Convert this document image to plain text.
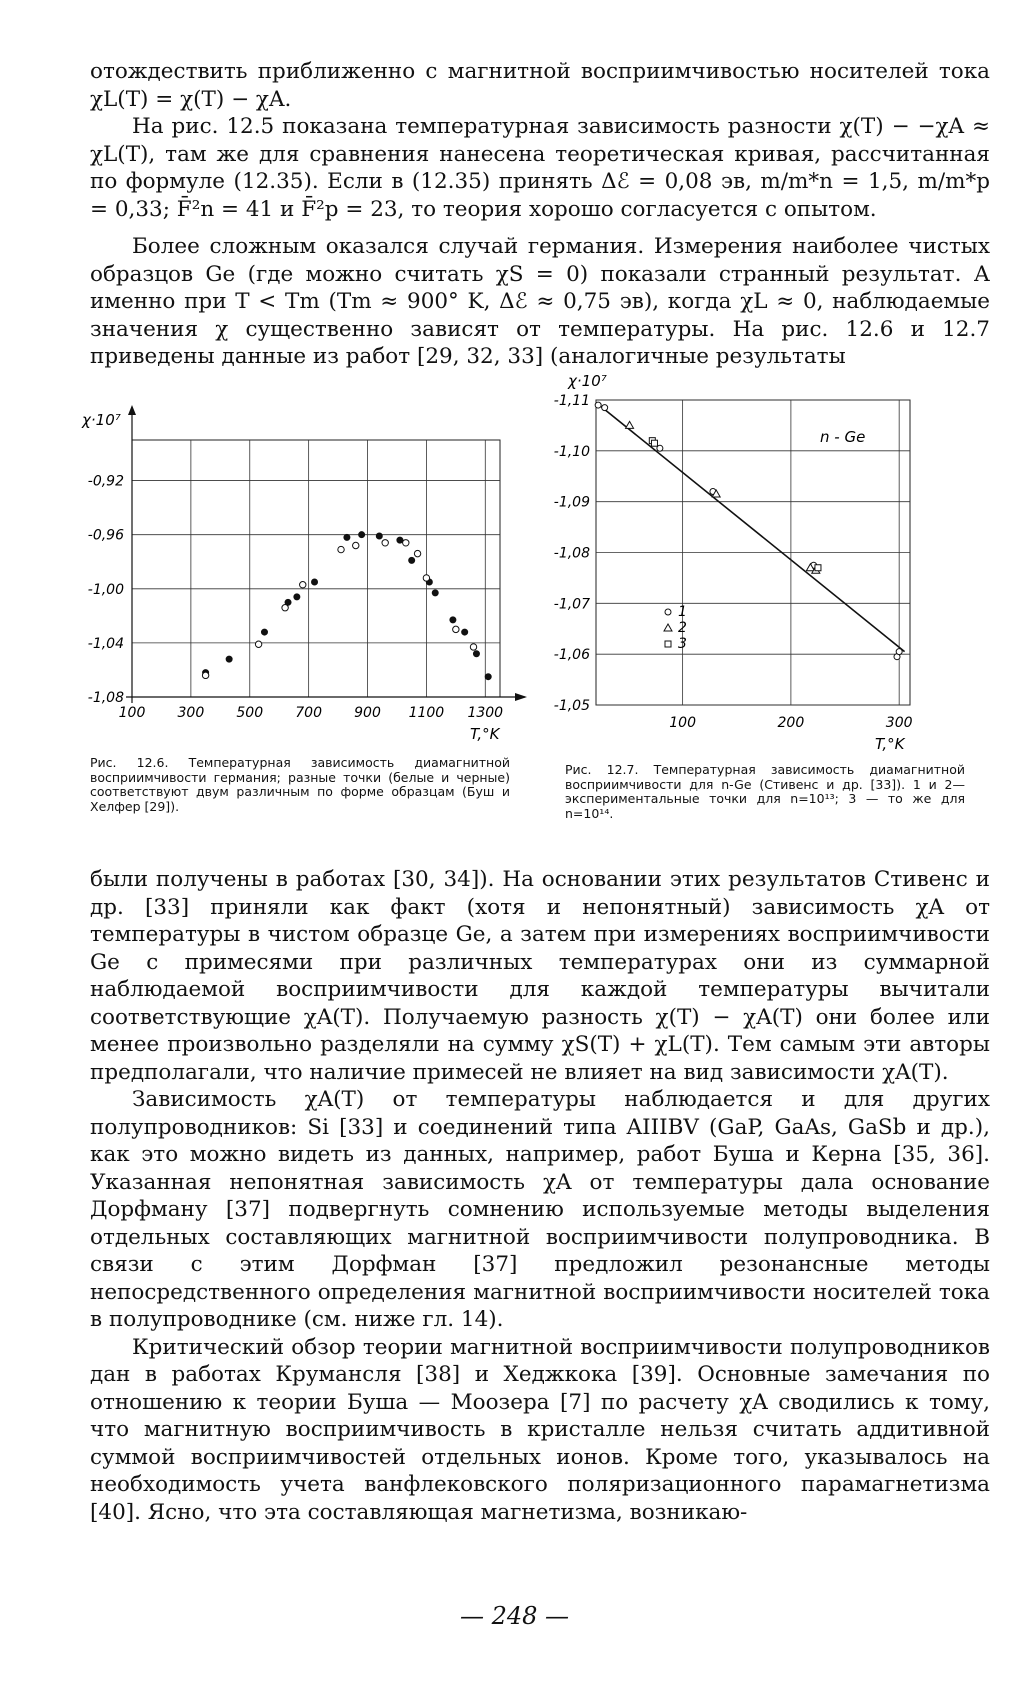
отождествить приближенно с магнитной восприимчивостью носителей тока χL(T) = χ(T) − χA.

На рис. 12.5 показана температурная зависимость разности χ(T) − −χA ≈ χL(T), там же для сравнения нанесена теоретическая кривая, рассчитанная по формуле (12.35). Если в (12.35) принять Δℰ = 0,08 эв, m/m*n = 1,5, m/m*p = 0,33; F̄²n = 41 и F̄²p = 23, то теория хорошо согласуется с опытом.

Более сложным оказался случай германия. Измерения наиболее чистых образцов Ge (где можно считать χS = 0) показали странный результат. А именно при T < Tm (Tm ≈ 900° K, Δℰ ≈ 0,75 эв), когда χL ≈ 0, наблюдаемые значения χ существенно зависят от температуры. На рис. 12.6 и 12.7 приведены данные из работ [29, 32, 33] (аналогичные результаты

100 300 500 700 900 1100 1300
-0,92
-0,96
-1,00
-1,04
-1,08
χ·10⁷
T,°K
Рис. 12.6. Температурная зависимость диамагнитной восприимчивости германия; разные точки (белые и черные) соответствуют двум различным по форме образцам (Буш и Хелфер [29]).
100	200	300
-1,11
-1,10
-1,09
-1,08
-1,07
-1,06
-1,05
χ·10⁷
T,°K
n - Ge
1
2
3
Рис. 12.7. Температурная зависимость диамагнитной восприимчивости для n-Ge (Стивенс и др. [33]). 1 и 2—экспериментальные точки для n=10¹³; 3 — то же для n=10¹⁴.

были получены в работах [30, 34]). На основании этих результатов Стивенс и др. [33] приняли как факт (хотя и непонятный) зависимость χA от температуры в чистом образце Ge, а затем при измерениях восприимчивости Ge с примесями при различных температурах они из суммарной наблюдаемой восприимчивости для каждой температуры вычитали соответствующие χA(T). Получаемую разность χ(T) − χA(T) они более или менее произвольно разделяли на сумму χS(T) + χL(T). Тем самым эти авторы предполагали, что наличие примесей не влияет на вид зависимости χA(T).

Зависимость χA(T) от температуры наблюдается и для других полупроводников: Si [33] и соединений типа AIIIBV (GaP, GaAs, GaSb и др.), как это можно видеть из данных, например, работ Буша и Керна [35, 36]. Указанная непонятная зависимость χA от температуры дала основание Дорфману [37] подвергнуть сомнению используемые методы выделения отдельных составляющих магнитной восприимчивости полупроводника. В связи с этим Дорфман [37] предложил резонансные методы непосредственного определения магнитной восприимчивости носителей тока в полупроводнике (см. ниже гл. 14).

Критический обзор теории магнитной восприимчивости полупроводников дан в работах Крумансля [38] и Хеджкока [39]. Основные замечания по отношению к теории Буша — Моозера [7] по расчету χA сводились к тому, что магнитную восприимчивость в кристалле нельзя считать аддитивной суммой восприимчивостей отдельных ионов. Кроме того, указывалось на необходимость учета ванфлековского поляризационного парамагнетизма [40]. Ясно, что эта составляющая магнетизма, возникаю-

— 248 —
